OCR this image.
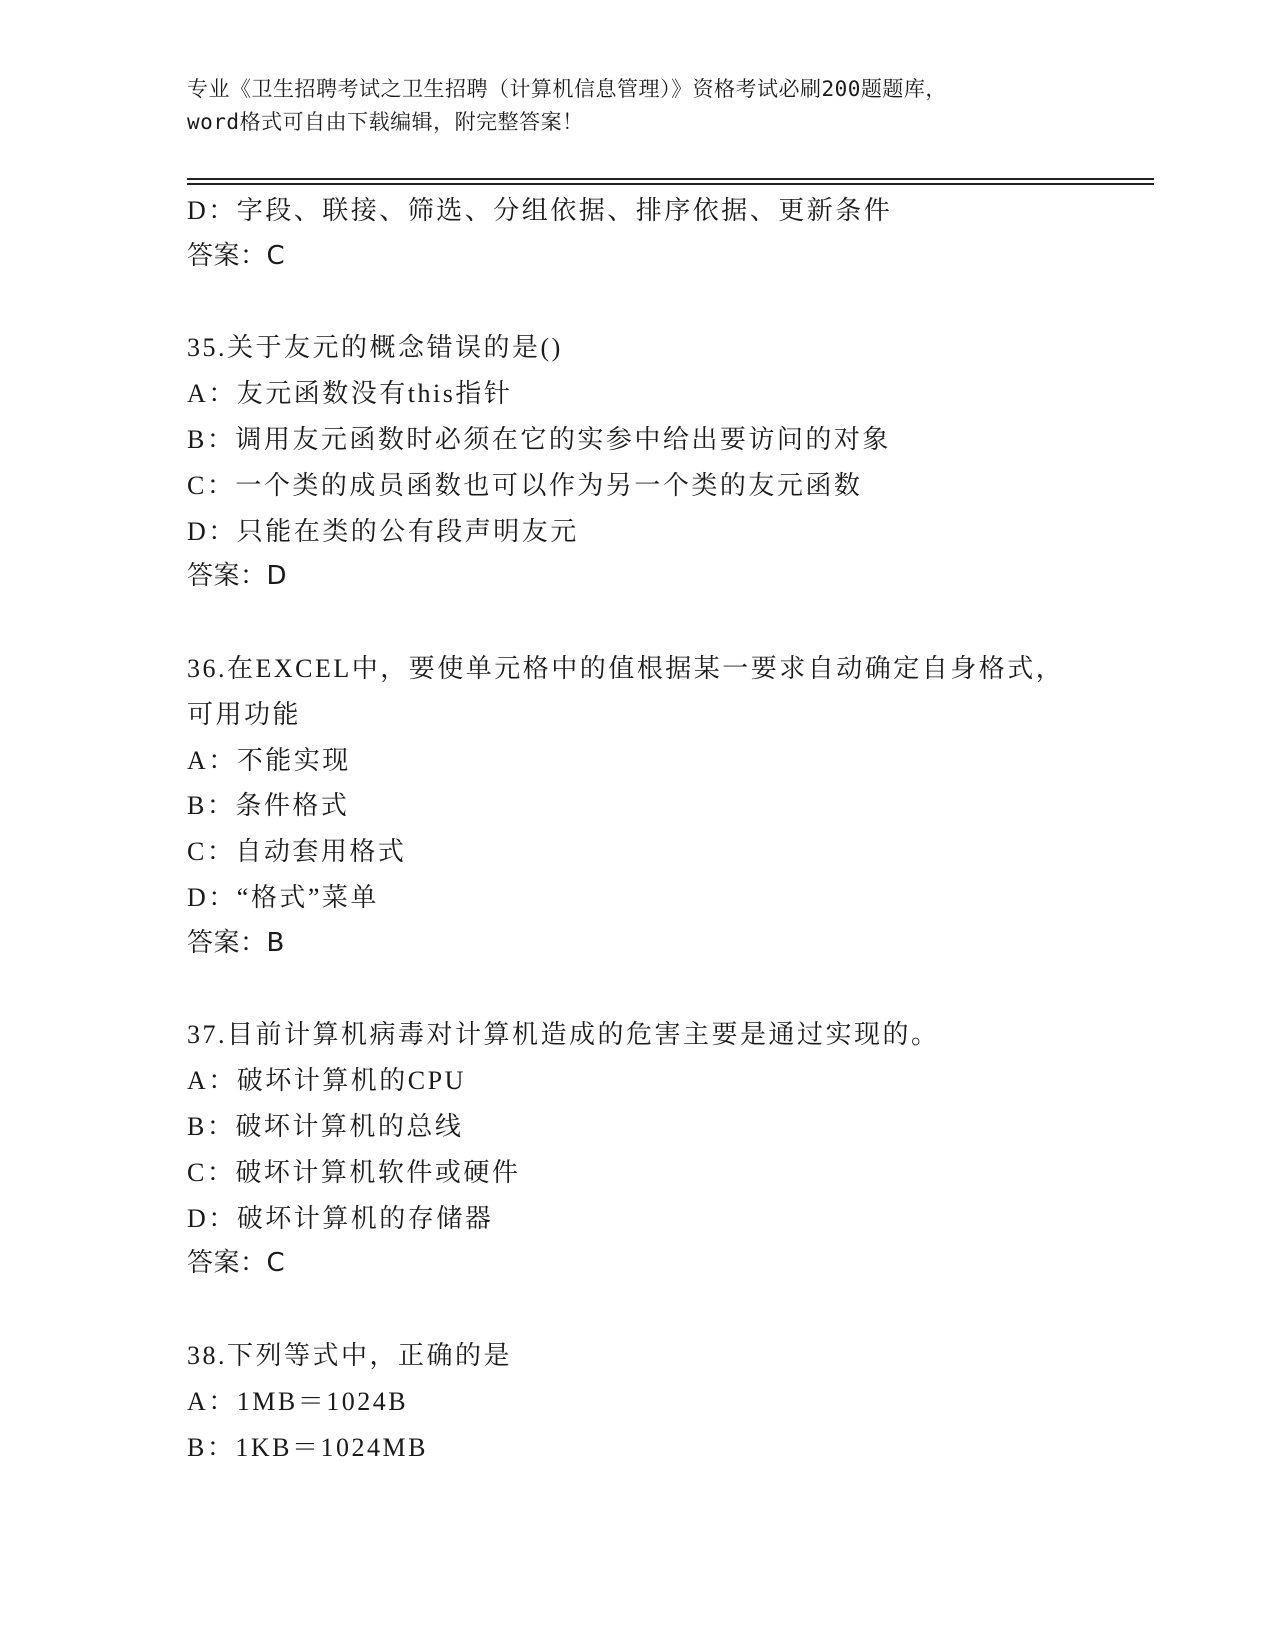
专业《卫生招聘考试之卫生招聘（计算机信息管理）》资格考试必刷200题题库，
word格式可自由下载编辑，附完整答案！
D：字段、联接、筛选、分组依据、排序依据、更新条件
答案：C
35.关于友元的概念错误的是()
A：友元函数没有this指针
B：调用友元函数时必须在它的实参中给出要访问的对象
C：一个类的成员函数也可以作为另一个类的友元函数
D：只能在类的公有段声明友元
答案：D
36.在EXCEL中，要使单元格中的值根据某一要求自动确定自身格式，
可用功能
A：不能实现
B：条件格式
C：自动套用格式
D：“格式”菜单
答案：B
37.目前计算机病毒对计算机造成的危害主要是通过实现的。
A：破坏计算机的CPU
B：破坏计算机的总线
C：破坏计算机软件或硬件
D：破坏计算机的存储器
答案：C
38.下列等式中，正确的是
A：1MB＝1024B
B：1KB＝1024MB
